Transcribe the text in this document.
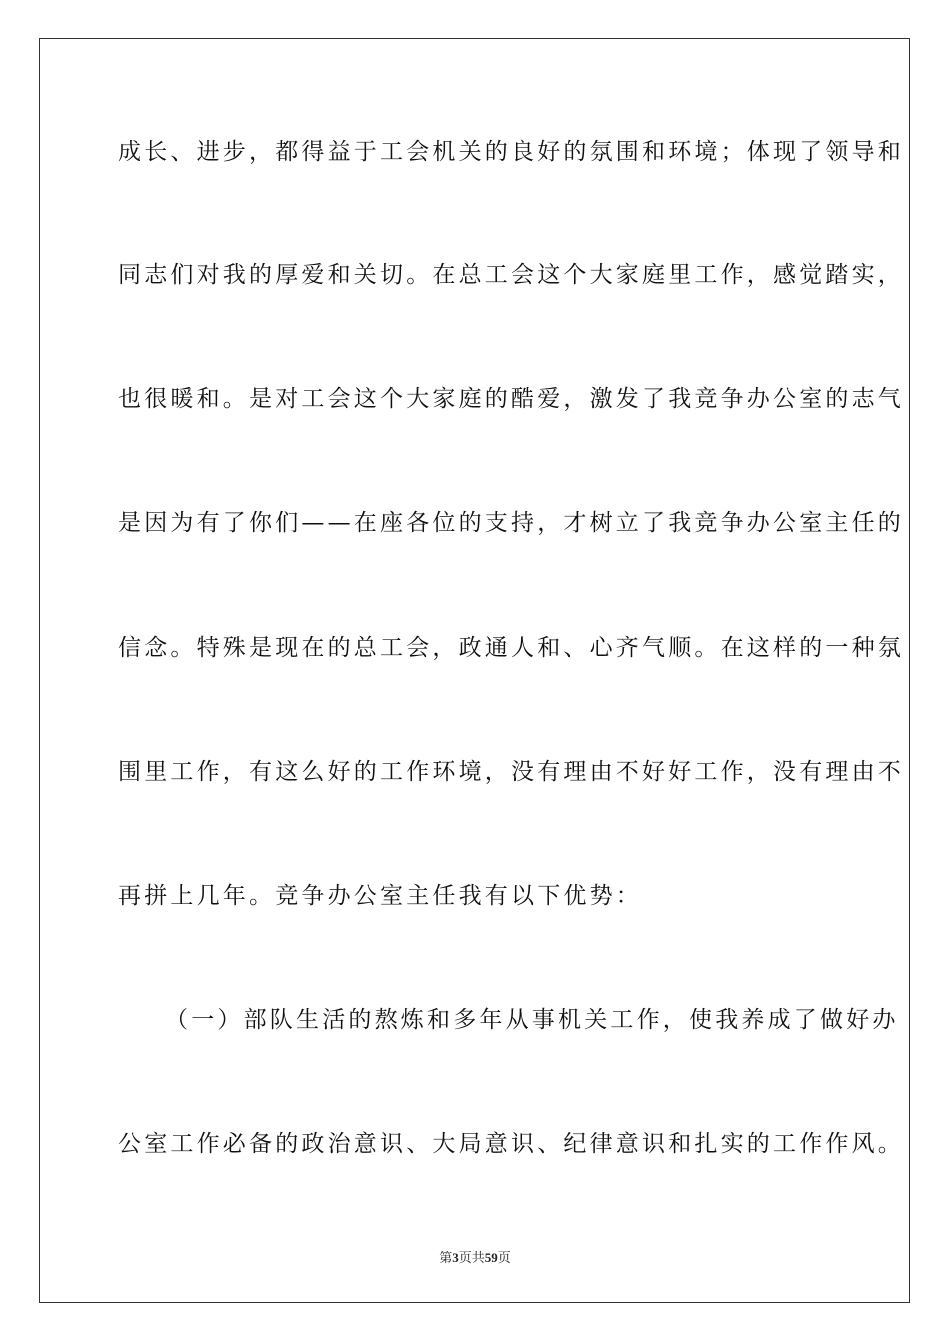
成长、进步，都得益于工会机关的良好的氛围和环境；体现了领导和
同志们对我的厚爱和关切。在总工会这个大家庭里工作，感觉踏实，
也很暖和。是对工会这个大家庭的酷爱，激发了我竞争办公室的志气
是因为有了你们——在座各位的支持，才树立了我竞争办公室主任的
信念。特殊是现在的总工会，政通人和、心齐气顺。在这样的一种氛
围里工作，有这么好的工作环境，没有理由不好好工作，没有理由不
再拼上几年。竞争办公室主任我有以下优势：
（一）部队生活的熬炼和多年从事机关工作，使我养成了做好办
公室工作必备的政治意识、大局意识、纪律意识和扎实的工作作风。
第3页共59页
